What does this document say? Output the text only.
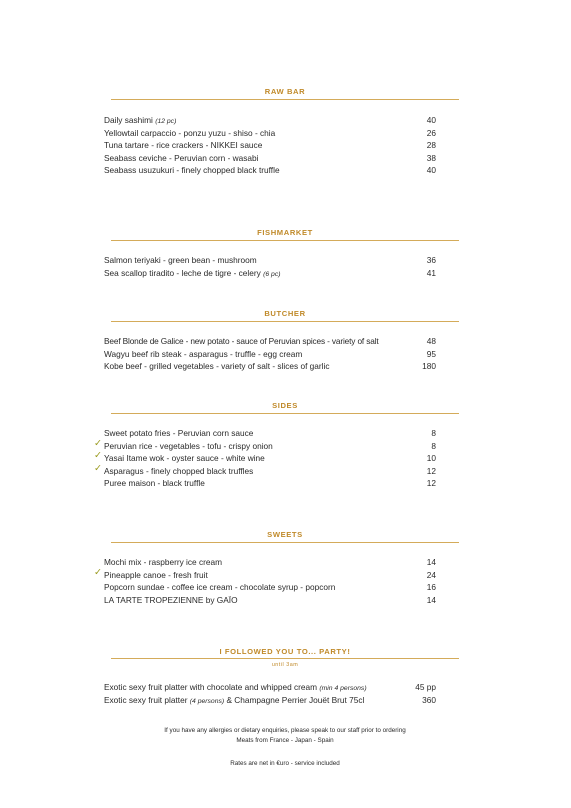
RAW BAR
Daily sashimi (12 pc)	40
Yellowtail carpaccio - ponzu yuzu - shiso - chia	26
Tuna tartare - rice crackers - NIKKEI sauce	28
Seabass ceviche - Peruvian corn - wasabi	38
Seabass usuzukuri - finely chopped black truffle	40
FISHMARKET
Salmon teriyaki - green bean - mushroom	36
Sea scallop tiradito - leche de tigre - celery (6 pc)	41
BUTCHER
Beef Blonde de Galice - new potato - sauce of Peruvian spices - variety of salt	48
Wagyu beef rib steak - asparagus - truffle - egg cream	95
Kobe beef - grilled vegetables - variety of salt - slices of garlic	180
SIDES
Sweet potato fries - Peruvian corn sauce	8
✓ Peruvian rice - vegetables - tofu - crispy onion	8
✓ Yasai Itame wok - oyster sauce - white wine	10
✓ Asparagus - finely chopped black truffles	12
Puree maison - black truffle	12
SWEETS
Mochi mix - raspberry ice cream	14
✓ Pineapple canoe - fresh fruit	24
Popcorn sundae - coffee ice cream - chocolate syrup - popcorn	16
LA TARTE TROPEZIENNE by GAÏO	14
I FOLLOWED YOU TO... PARTY!
until 3am
Exotic sexy fruit platter with chocolate and whipped cream (min 4 persons)	45 pp
Exotic sexy fruit platter (4 persons) & Champagne Perrier Jouët Brut 75cl	360
If you have any allergies or dietary enquiries, please speak to our staff prior to ordering
Meats from France - Japan - Spain
Rates are net in €uro - service included
